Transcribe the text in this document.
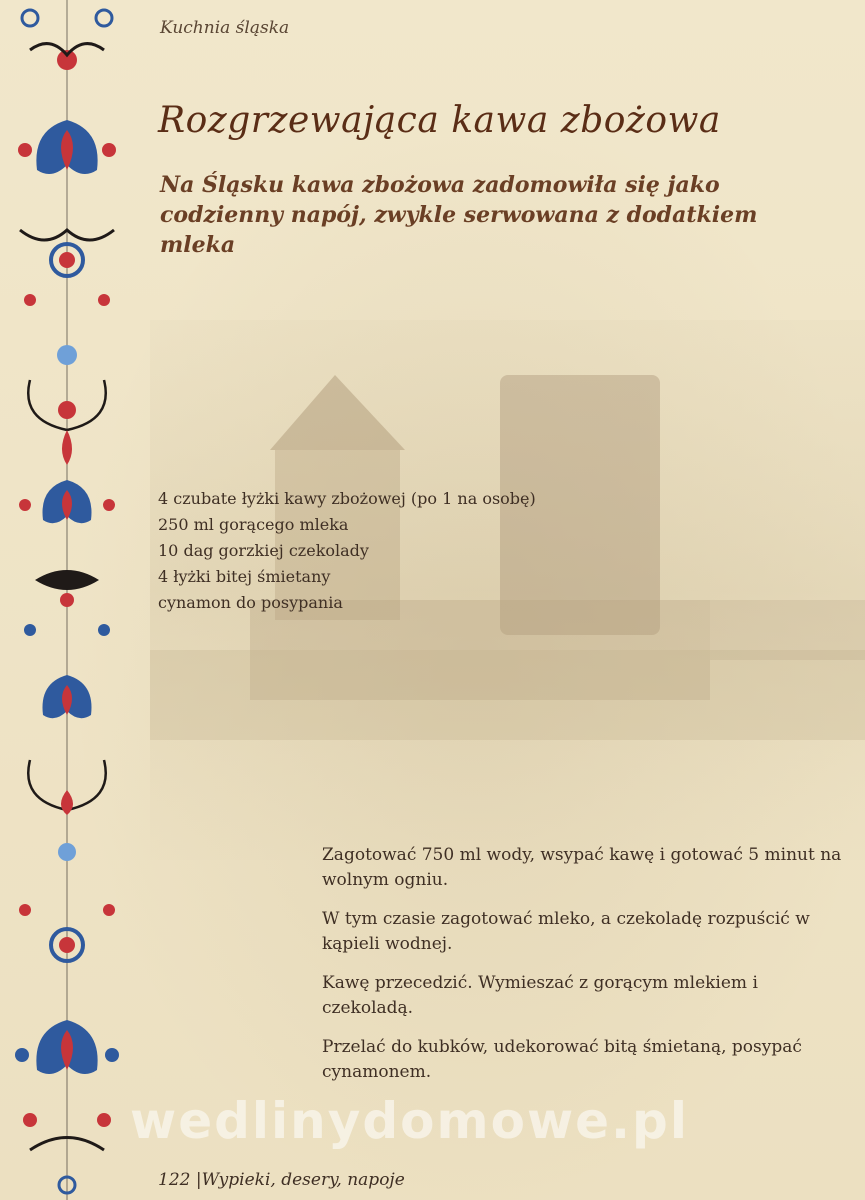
Kuchnia śląska
Rozgrzewająca kawa zbożowa
Na Śląsku kawa zbożowa zadomowiła się jako codzienny napój, zwykle serwowana z dodatkiem mleka
4 czubate łyżki kawy zbożowej (po 1 na osobę)
250 ml gorącego mleka
10 dag gorzkiej czekolady
4 łyżki bitej śmietany
cynamon do posypania

Zagotować 750 ml wody, wsypać kawę i gotować 5 minut na wolnym ogniu.

W tym czasie zagotować mleko, a czekoladę rozpuścić w kąpieli wodnej.

Kawę przecedzić. Wymieszać z gorącym mlekiem i czekoladą.

Przelać do kubków, udekorować bitą śmietaną, posypać cynamonem.

wedlinydomowe.pl
122 |Wypieki, desery, napoje
